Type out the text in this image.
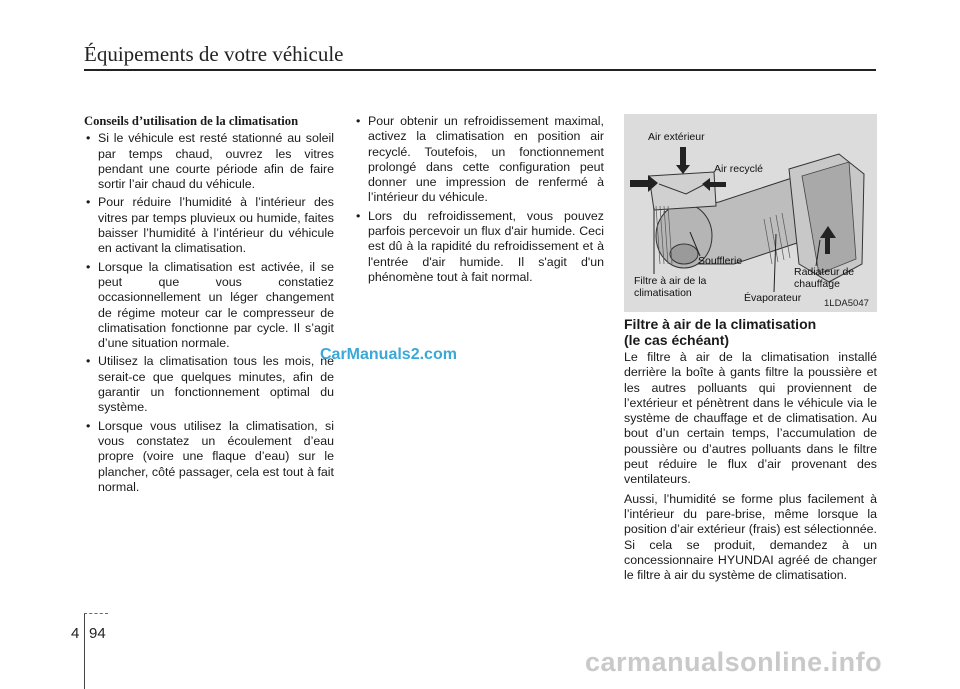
Équipements de votre véhicule
Conseils d’utilisation de la climatisation
• Si le véhicule est resté stationné au soleil par temps chaud, ouvrez les vitres pendant une courte période afin de faire sortir l’air chaud du véhicule.
• Pour réduire l’humidité à l’intérieur des vitres par temps pluvieux ou humide, faites baisser l’humidité à l’intérieur du véhicule en activant la climatisation.
• Lorsque la climatisation est activée, il se peut que vous constatiez occasionnellement un léger changement de régime moteur car le compresseur de climatisation fonctionne par cycle. Il s’agit d’une situation normale.
• Utilisez la climatisation tous les mois, ne serait-ce que quelques minutes, afin de garantir un fonctionnement optimal du système.
• Lorsque vous utilisez la climatisation, si vous constatez un écoulement d’eau propre (voire une flaque d’eau) sur le plancher, côté passager, cela est tout à fait normal.
• Pour obtenir un refroidissement maximal, activez la climatisation en position air recyclé. Toutefois, un fonctionnement prolongé dans cette configuration peut donner une impression de renfermé à l’intérieur du véhicule.
• Lors du refroidissement, vous pouvez parfois percevoir un flux d'air humide. Ceci est dû à la rapidité du refroidissement et à l'entrée d'air humide. Il s'agit d'un phénomène tout à fait normal.
Air extérieur
Air recyclé
Soufflerie
Filtre à air de la
climatisation	Évaporateur
Radiateur de
chauffage
1LDA5047
Filtre à air de la climatisation
(le cas échéant)

Le filtre à air de la climatisation installé derrière la boîte à gants filtre la poussière et les autres polluants qui proviennent de l’extérieur et pénètrent dans le véhicule via le système de chauffage et de climatisation. Au bout d’un certain temps, l’accumulation de poussière ou d’autres polluants dans le filtre peut réduire le flux d’air provenant des ventilateurs.

Aussi, l’humidité se forme plus facilement à l’intérieur du pare-brise, même lorsque la position d’air extérieur (frais) est sélectionnée. Si cela se produit, demandez à un concessionnaire HYUNDAI agréé de changer le filtre à air du système de climatisation.

CarManuals2.com
4 94
carmanualsonline.info
